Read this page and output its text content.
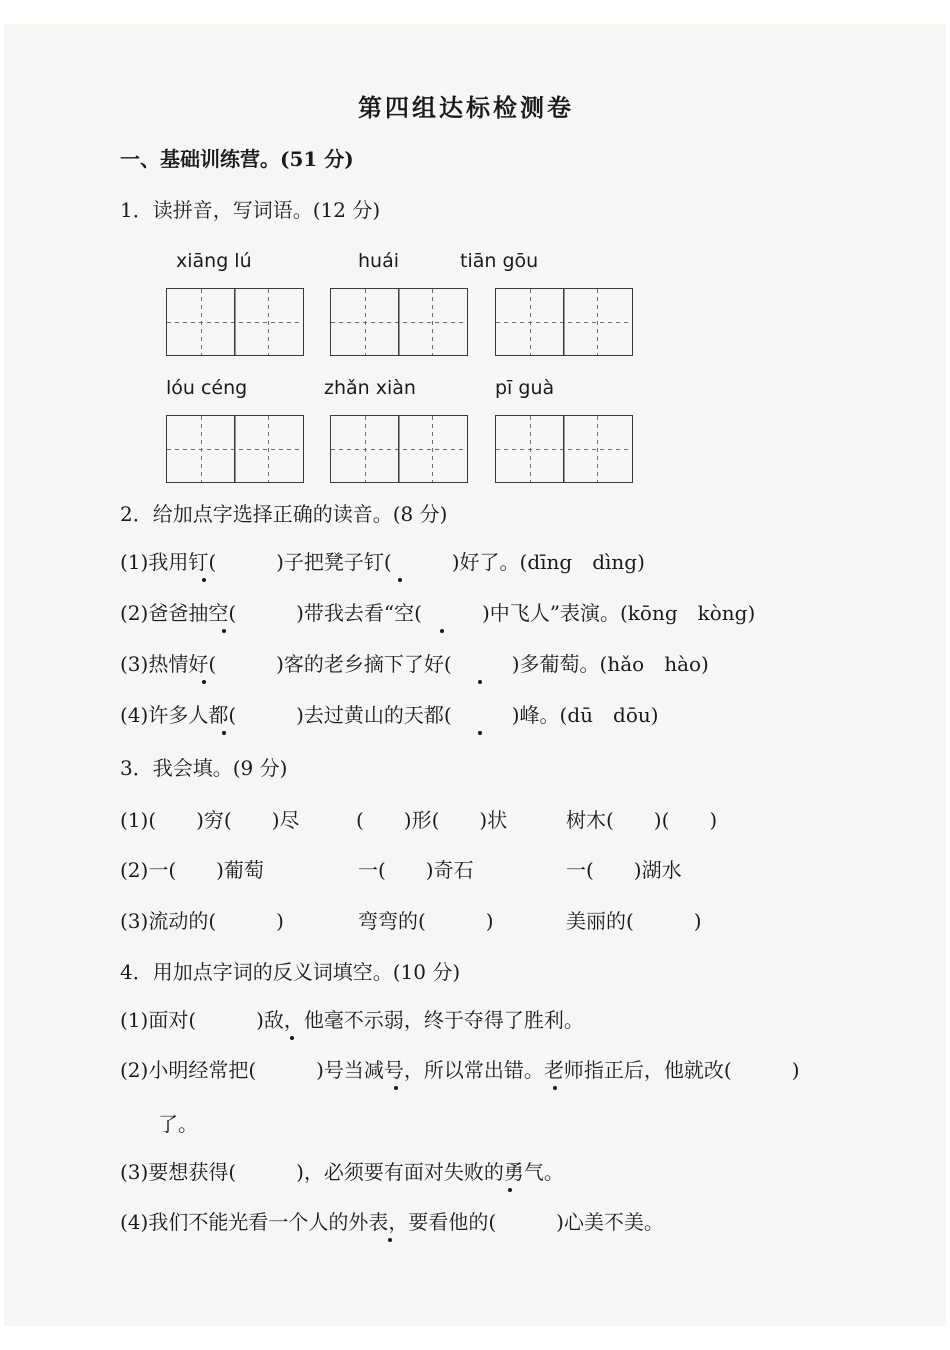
第四组达标检测卷
一、基础训练营。(51 分)
1．读拼音，写词语。(12 分)
xiāng lú	huái	tiān gōu
lóu céng	zhǎn xiàn	pī guà
2．给加点字选择正确的读音。(8 分)
(1)我用钉(　　　)子把凳子钉(　　　)好了。(dīng　dìng)
(2)爸爸抽空(　　　)带我去看“空(　　　)中飞人”表演。(kōng　kòng)
(3)热情好(　　　)客的老乡摘下了好(　　　)多葡萄。(hǎo　hào)
(4)许多人都(　　　)去过黄山的天都(　　　)峰。(dū　dōu)
3．我会填。(9 分)
(1)(　　)穷(　　)尽	(　　)形(　　)状	树木(　　)(　　)
(2)一(　　)葡萄	一(　　)奇石	一(　　)湖水
(3)流动的(　　　)	弯弯的(　　　)	美丽的(　　　)
4．用加点字词的反义词填空。(10 分)
(1)面对(　　　)敌，他毫不示弱，终于夺得了胜利。
(2)小明经常把(　　　)号当减号，所以常出错。老师指正后，他就改(　　　)
了。
(3)要想获得(　　　)，必须要有面对失败的勇气。
(4)我们不能光看一个人的外表，要看他的(　　　)心美不美。
